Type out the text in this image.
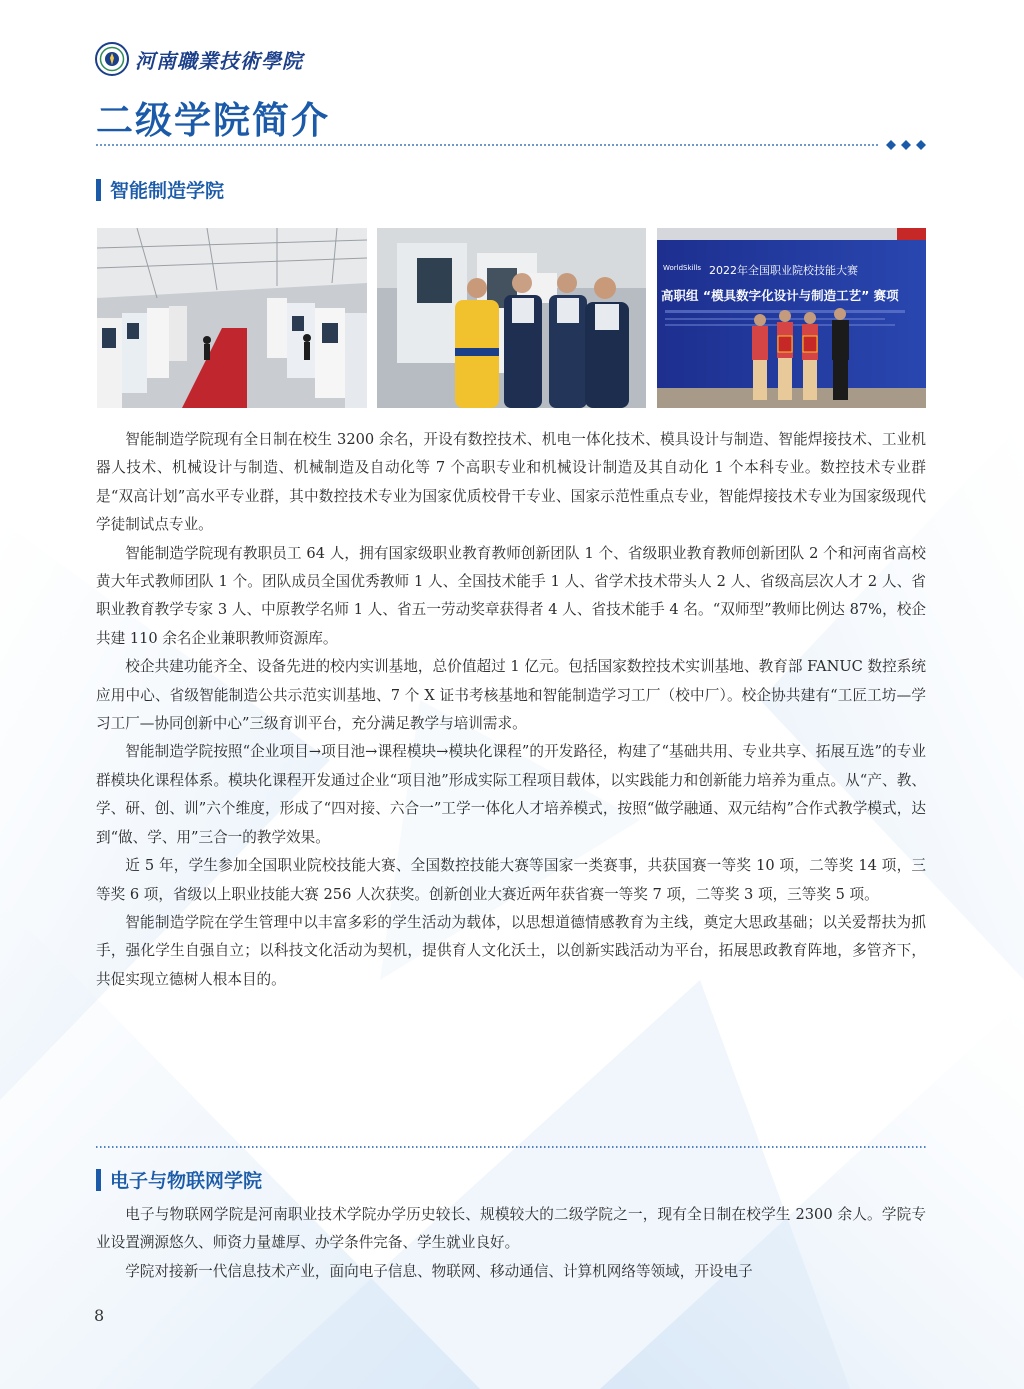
河南職業技術學院
二级学院简介
智能制造学院
WorldSkills 2022年全国职业院校技能大赛
高职组 “模具数字化设计与制造工艺” 赛项

智能制造学院现有全日制在校生 3200 余名，开设有数控技术、机电一体化技术、模具设计与制造、智能焊接技术、工业机器人技术、机械设计与制造、机械制造及自动化等 7 个高职专业和机械设计制造及其自动化 1 个本科专业。数控技术专业群是“双高计划”高水平专业群，其中数控技术专业为国家优质校骨干专业、国家示范性重点专业，智能焊接技术专业为国家级现代学徒制试点专业。

智能制造学院现有教职员工 64 人，拥有国家级职业教育教师创新团队 1 个、省级职业教育教师创新团队 2 个和河南省高校黄大年式教师团队 1 个。团队成员全国优秀教师 1 人、全国技术能手 1 人、省学术技术带头人 2 人、省级高层次人才 2 人、省职业教育教学专家 3 人、中原教学名师 1 人、省五一劳动奖章获得者 4 人、省技术能手 4 名。“双师型”教师比例达 87%，校企共建 110 余名企业兼职教师资源库。

校企共建功能齐全、设备先进的校内实训基地，总价值超过 1 亿元。包括国家数控技术实训基地、教育部 FANUC 数控系统应用中心、省级智能制造公共示范实训基地、7 个 X 证书考核基地和智能制造学习工厂（校中厂）。校企协共建有“工匠工坊—学习工厂—协同创新中心”三级育训平台，充分满足教学与培训需求。

智能制造学院按照“企业项目→项目池→课程模块→模块化课程”的开发路径，构建了“基础共用、专业共享、拓展互选”的专业群模块化课程体系。模块化课程开发通过企业“项目池”形成实际工程项目载体，以实践能力和创新能力培养为重点。从“产、教、学、研、创、训”六个维度，形成了“四对接、六合一”工学一体化人才培养模式，按照“做学融通、双元结构”合作式教学模式，达到“做、学、用”三合一的教学效果。

近 5 年，学生参加全国职业院校技能大赛、全国数控技能大赛等国家一类赛事，共获国赛一等奖 10 项，二等奖 14 项，三等奖 6 项，省级以上职业技能大赛 256 人次获奖。创新创业大赛近两年获省赛一等奖 7 项，二等奖 3 项，三等奖 5 项。

智能制造学院在学生管理中以丰富多彩的学生活动为载体，以思想道德情感教育为主线，奠定大思政基础；以关爱帮扶为抓手，强化学生自强自立；以科技文化活动为契机，提供育人文化沃土，以创新实践活动为平台，拓展思政教育阵地，多管齐下，共促实现立德树人根本目的。

电子与物联网学院

电子与物联网学院是河南职业技术学院办学历史较长、规模较大的二级学院之一，现有全日制在校学生 2300 余人。学院专业设置溯源悠久、师资力量雄厚、办学条件完备、学生就业良好。

学院对接新一代信息技术产业，面向电子信息、物联网、移动通信、计算机网络等领域，开设电子

8
